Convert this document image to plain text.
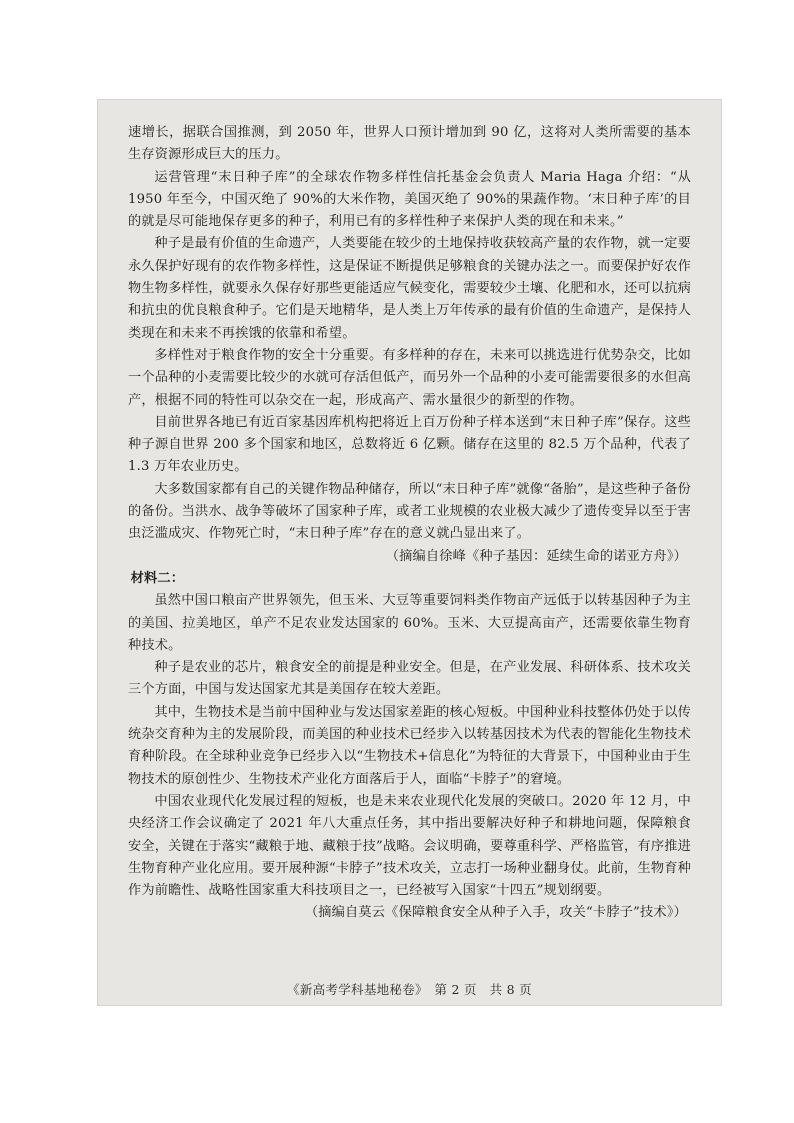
速增长，据联合国推测，到 2050 年，世界人口预计增加到 90 亿，这将对人类所需要的基本生存资源形成巨大的压力。

运营管理“末日种子库”的全球农作物多样性信托基金会负责人 Maria Haga 介绍：“从 1950 年至今，中国灭绝了 90%的大米作物，美国灭绝了 90%的果蔬作物。‘末日种子库’的目的就是尽可能地保存更多的种子，利用已有的多样性种子来保护人类的现在和未来。”

种子是最有价值的生命遗产，人类要能在较少的土地保持收获较高产量的农作物，就一定要永久保护好现有的农作物多样性，这是保证不断提供足够粮食的关键办法之一。而要保护好农作物生物多样性，就要永久保存好那些更能适应气候变化，需要较少土壤、化肥和水，还可以抗病和抗虫的优良粮食种子。它们是天地精华，是人类上万年传承的最有价值的生命遗产，是保持人类现在和未来不再挨饿的依靠和希望。

多样性对于粮食作物的安全十分重要。有多样种的存在，未来可以挑选进行优势杂交，比如一个品种的小麦需要比较少的水就可存活但低产，而另外一个品种的小麦可能需要很多的水但高产，根据不同的特性可以杂交在一起，形成高产、需水量很少的新型的作物。

目前世界各地已有近百家基因库机构把将近上百万份种子样本送到“末日种子库”保存。这些种子源自世界 200 多个国家和地区，总数将近 6 亿颗。储存在这里的 82.5 万个品种，代表了 1.3 万年农业历史。

大多数国家都有自己的关键作物品种储存，所以“末日种子库”就像“备胎”，是这些种子备份的备份。当洪水、战争等破坏了国家种子库，或者工业规模的农业极大减少了遗传变异以至于害虫泛滥成灾、作物死亡时，“末日种子库”存在的意义就凸显出来了。

（摘编自徐峰《种子基因：延续生命的诺亚方舟》）

材料二：

虽然中国口粮亩产世界领先，但玉米、大豆等重要饲料类作物亩产远低于以转基因种子为主的美国、拉美地区，单产不足农业发达国家的 60%。玉米、大豆提高亩产，还需要依靠生物育种技术。

种子是农业的芯片，粮食安全的前提是种业安全。但是，在产业发展、科研体系、技术攻关三个方面，中国与发达国家尤其是美国存在较大差距。

其中，生物技术是当前中国种业与发达国家差距的核心短板。中国种业科技整体仍处于以传统杂交育种为主的发展阶段，而美国的种业技术已经步入以转基因技术为代表的智能化生物技术育种阶段。在全球种业竞争已经步入以“生物技术+信息化”为特征的大背景下，中国种业由于生物技术的原创性少、生物技术产业化方面落后于人，面临“卡脖子”的窘境。

中国农业现代化发展过程的短板，也是未来农业现代化发展的突破口。2020 年 12 月，中央经济工作会议确定了 2021 年八大重点任务，其中指出要解决好种子和耕地问题，保障粮食安全，关键在于落实“藏粮于地、藏粮于技”战略。会议明确，要尊重科学、严格监管，有序推进生物育种产业化应用。要开展种源“卡脖子”技术攻关，立志打一场种业翻身仗。此前，生物育种作为前瞻性、战略性国家重大科技项目之一，已经被写入国家“十四五”规划纲要。

（摘编自莫云《保障粮食安全从种子入手，攻关“卡脖子”技术》）

《新高考学科基地秘卷》　第 2 页　共 8 页
